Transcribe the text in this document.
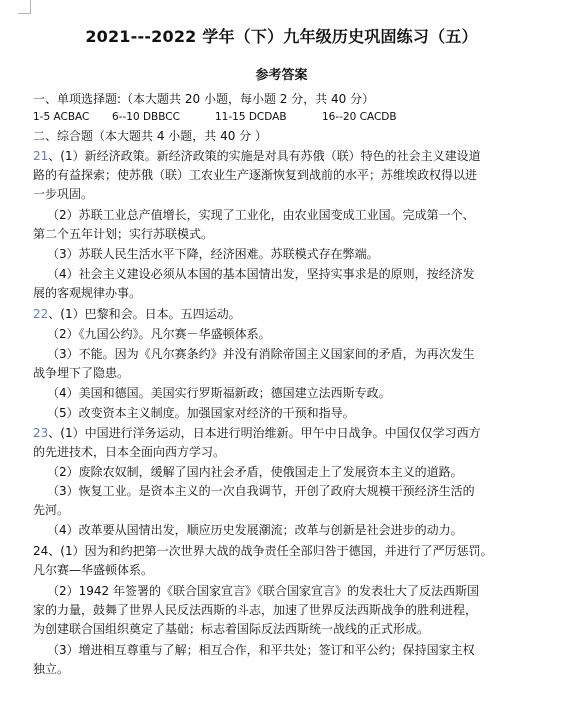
2021-‐-2022 学年（下）九年级历史巩固练习（五）
参考答案
一、单项选择题:（本大题共 20 小题，每小题 2 分，共 40 分）
1-5 ACBAC 6--10 DBBCC	11-15 DCDAB	16--20 CACDB
二、综合题（本大题共 4 小题，共 40 分 ）
21、(1）新经济政策。新经济政策的实施是对具有苏俄（联）特色的社会主义建设道
路的有益探索；使苏俄（联）工农业生产逐渐恢复到战前的水平；苏维埃政权得以进
一步巩固。
（2）苏联工业总产值增长，实现了工业化，由农业国变成工业国。完成第一个、
第二个五年计划；实行苏联模式。
（3）苏联人民生活水平下降，经济困难。苏联模式存在弊端。
（4）社会主义建设必须从本国的基本国情出发，坚持实事求是的原则，按经济发
展的客观规律办事。
22、(1）巴黎和会。日本。五四运动。
（2）《九国公约》。凡尔赛－华盛顿体系。
（3）不能。因为《凡尔赛条约》并没有消除帝国主义国家间的矛盾，为再次发生
战争埋下了隐患。
（4）美国和德国。美国实行罗斯福新政；德国建立法西斯专政。
（5）改变资本主义制度。加强国家对经济的干预和指导。
23、(1）中国进行洋务运动，日本进行明治维新。甲午中日战争。中国仅仅学习西方
的先进技术，日本全面向西方学习。
（2）废除农奴制，缓解了国内社会矛盾，使俄国走上了发展资本主义的道路。
（3）恢复工业。是资本主义的一次自我调节，开创了政府大规模干预经济生活的
先河。
（4）改革要从国情出发，顺应历史发展潮流；改革与创新是社会进步的动力。
24、(1）因为和约把第一次世界大战的战争责任全部归咎于德国，并进行了严厉惩罚。
凡尔赛—华盛顿体系。
（2）1942 年签署的《联合国家宣言》《联合国家宣言》的发表壮大了反法西斯国
家的力量，鼓舞了世界人民反法西斯的斗志，加速了世界反法西斯战争的胜利进程，
为创建联合国组织奠定了基础；标志着国际反法西斯统一战线的正式形成。
（3）增进相互尊重与了解；相互合作，和平共处；签订和平公约；保持国家主权
独立。
